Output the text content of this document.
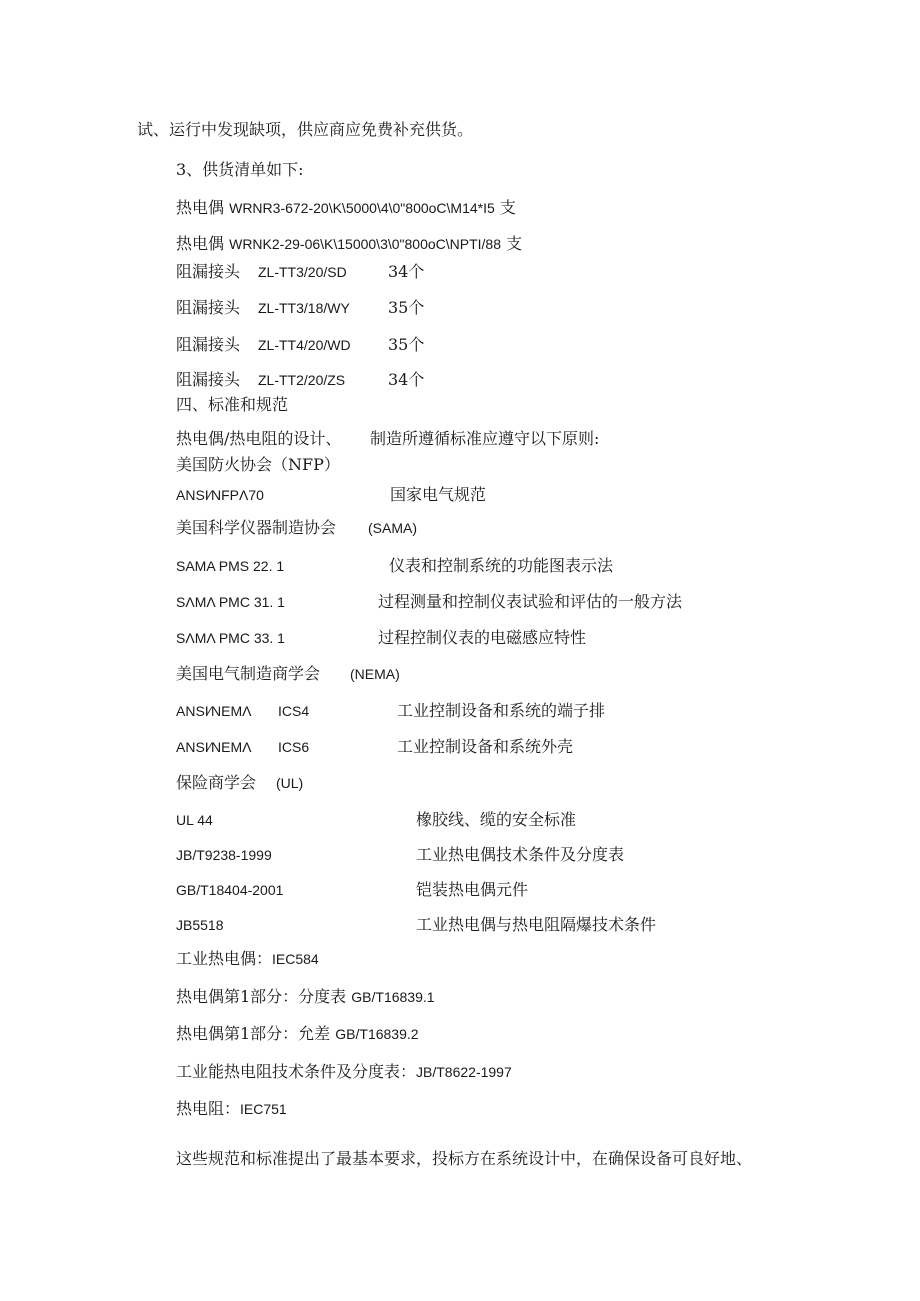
试、运行中发现缺项，供应商应免费补充供货。
3、供货清单如下:
热电偶 WRNR3-672-20\K\5000\4\0"800oC\M14*I5 支
热电偶 WRNK2-29-06\K\15000\3\0"800oC\NPTI/88 支
阻漏接头 ZL-TT3/20/SD	34个
阻漏接头 ZL-TT3/18/WY 35个
阻漏接头 ZL-TT4/20/WD 35个
阻漏接头 ZL-TT2/20/ZS	34个
四、标准和规范
热电偶/热电阻的设计、 制造所遵循标准应遵守以下原则:
美国防火协会（NFP）
ANSI∕NFPΛ70	国家电气规范
美国科学仪器制造协会 (SAMA)
SAMA PMS 22. 1	仪表和控制系统的功能图表示法
SΛMΛ PMC 31. 1	过程测量和控制仪表试验和评估的一般方法
SΛMΛ PMC 33. 1	过程控制仪表的电磁感应特性
美国电气制造商学会 (NEMA)
ANSI∕NEMΛ ICS4	工业控制设备和系统的端子排
ANSI∕NEMΛ ICS6	工业控制设备和系统外壳
保险商学会 (UL)
UL 44	橡胶线、缆的安全标准
JB/T9238-1999	工业热电偶技术条件及分度表
GB/T18404-2001	铠装热电偶元件
JB5518	工业热电偶与热电阻隔爆技术条件
工业热电偶：IEC584
热电偶第1部分：分度表 GB/T16839.1
热电偶第1部分：允差 GB/T16839.2
工业能热电阻技术条件及分度表：JB/T8622-1997
热电阻：IEC751
这些规范和标准提出了最基本要求，投标方在系统设计中，在确保设备可良好地、
